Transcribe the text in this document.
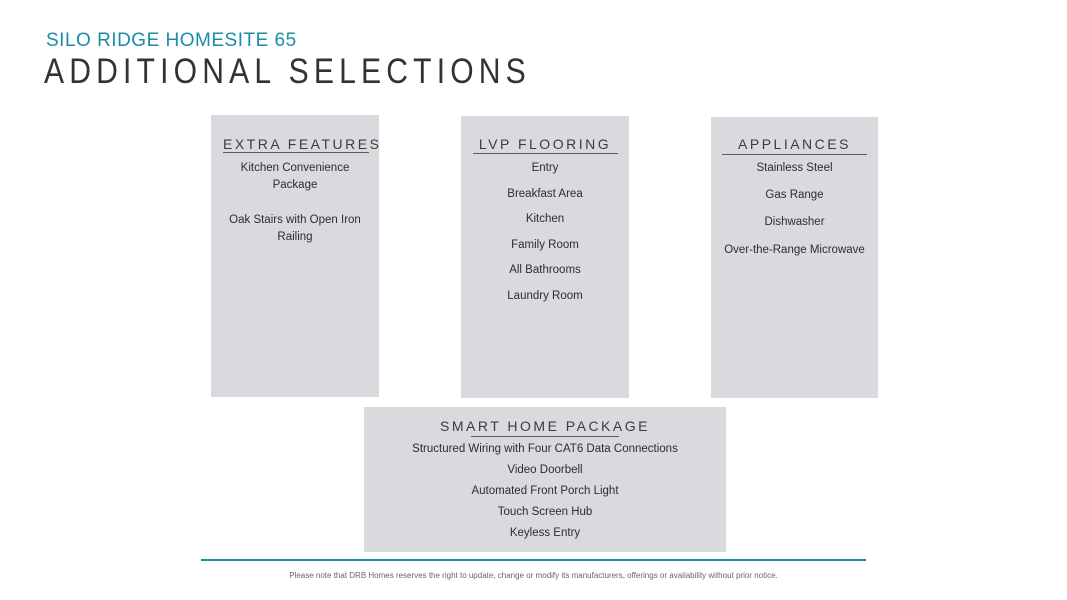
SILO RIDGE HOMESITE 65
ADDITIONAL SELECTIONS
EXTRA FEATURES
Kitchen Convenience Package
Oak Stairs with Open Iron Railing
LVP FLOORING
Entry
Breakfast Area
Kitchen
Family Room
All Bathrooms
Laundry Room
APPLIANCES
Stainless Steel
Gas Range
Dishwasher
Over-the-Range Microwave
SMART HOME PACKAGE
Structured Wiring with Four CAT6 Data Connections
Video Doorbell
Automated Front Porch Light
Touch Screen Hub
Keyless Entry
Please note that DRB Homes reserves the right to update, change or modify its manufacturers, offerings or availability without prior notice.
